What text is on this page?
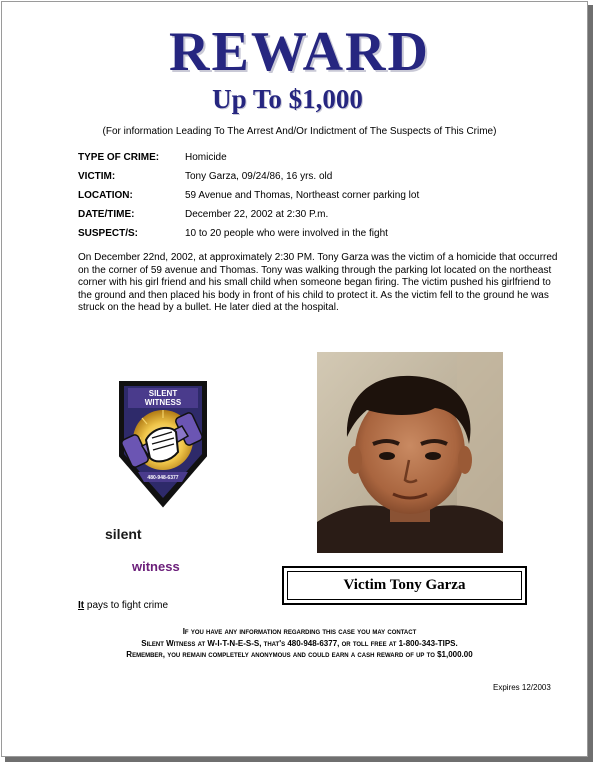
REWARD
Up To $1,000
(For information Leading To The Arrest And/Or Indictment of The Suspects of This Crime)
TYPE OF CRIME:	Homicide
VICTIM:	Tony Garza, 09/24/86, 16 yrs. old
LOCATION:	59 Avenue and Thomas, Northeast corner parking lot
DATE/TIME:	December 22, 2002 at 2:30 P.m.
SUSPECT/S:	10 to 20 people who were involved in the fight
On December 22nd, 2002, at approximately 2:30 PM. Tony Garza was the victim of a homicide that occurred on the corner of 59 avenue and Thomas. Tony was walking through the parking lot located on the northeast corner with his girl friend and his small child when someone began firing. The victim pushed his girlfriend to the ground and then placed his body in front of his child to protect it. As the victim fell to the ground he was struck on the head by a bullet. He later died at the hospital.
SILENT
WITNESS
480-948-6377
silent
witness
It pays to fight crime
Victim Tony Garza
If you have any information regarding this case you may contact
Silent Witness at W-I-T-N-E-S-S, that's 480-948-6377, or toll free at 1-800-343-TIPS.
Remember, you remain completely anonymous and could earn a cash reward of up to $1,000.00
Expires 12/2003
